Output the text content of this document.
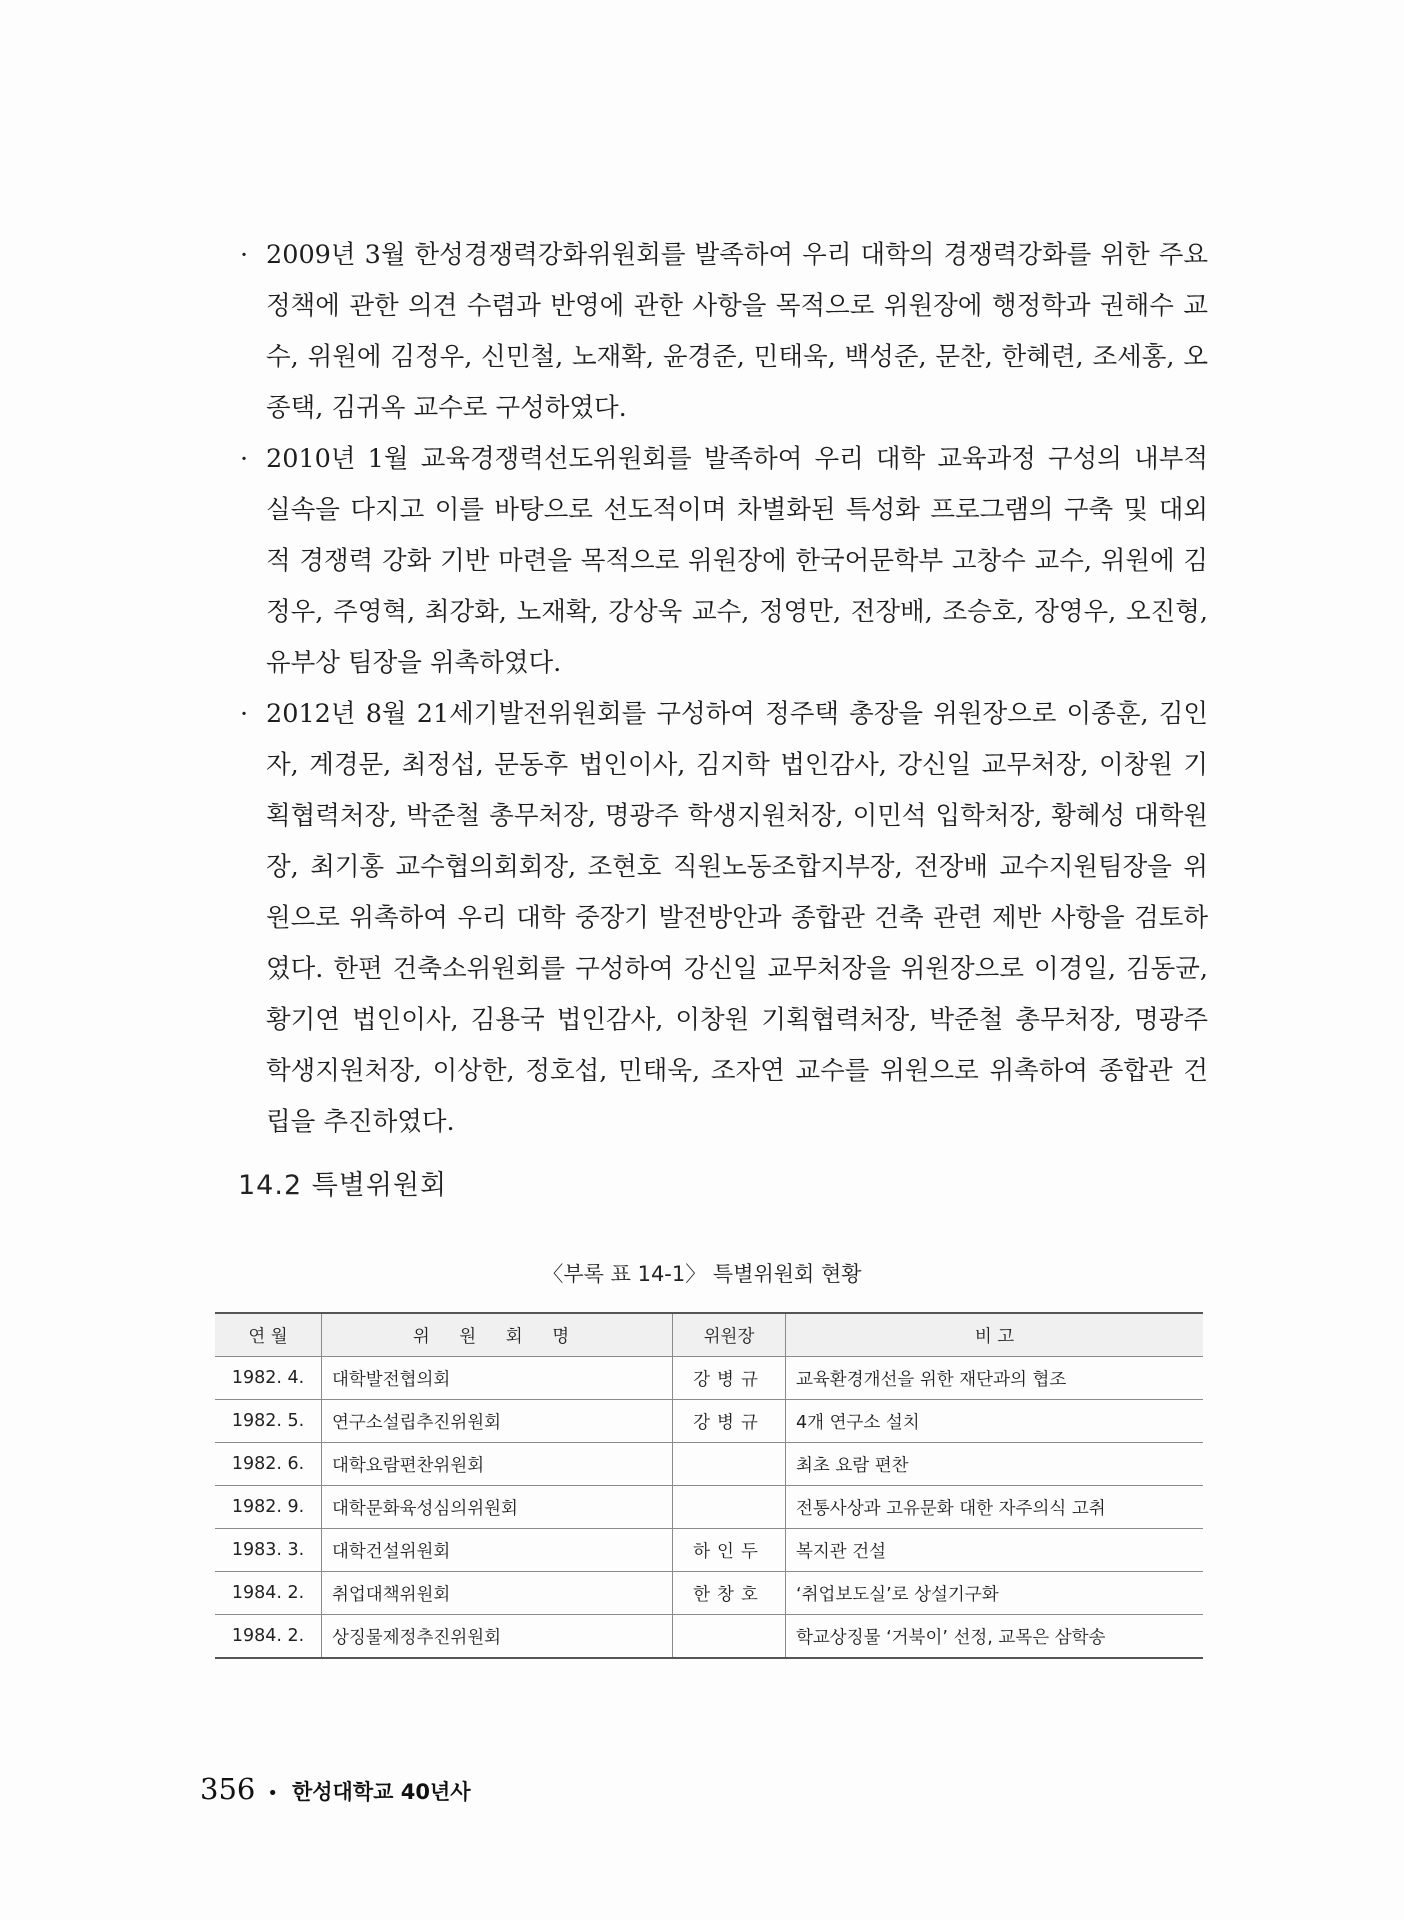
· 2009년 3월 한성경쟁력강화위원회를 발족하여 우리 대학의 경쟁력강화를 위한 주요 정책에 관한 의견 수렴과 반영에 관한 사항을 목적으로 위원장에 행정학과 권해수 교수, 위원에 김정우, 신민철, 노재확, 윤경준, 민태욱, 백성준, 문찬, 한혜련, 조세홍, 오종택, 김귀옥 교수로 구성하였다.

· 2010년 1월 교육경쟁력선도위원회를 발족하여 우리 대학 교육과정 구성의 내부적 실속을 다지고 이를 바탕으로 선도적이며 차별화된 특성화 프로그램의 구축 및 대외적 경쟁력 강화 기반 마련을 목적으로 위원장에 한국어문학부 고창수 교수, 위원에 김정우, 주영혁, 최강화, 노재확, 강상욱 교수, 정영만, 전장배, 조승호, 장영우, 오진형, 유부상 팀장을 위촉하였다.

· 2012년 8월 21세기발전위원회를 구성하여 정주택 총장을 위원장으로 이종훈, 김인자, 계경문, 최정섭, 문동후 법인이사, 김지학 법인감사, 강신일 교무처장, 이창원 기획협력처장, 박준철 총무처장, 명광주 학생지원처장, 이민석 입학처장, 황혜성 대학원장, 최기홍 교수협의회회장, 조현호 직원노동조합지부장, 전장배 교수지원팀장을 위원으로 위촉하여 우리 대학 중장기 발전방안과 종합관 건축 관련 제반 사항을 검토하였다. 한편 건축소위원회를 구성하여 강신일 교무처장을 위원장으로 이경일, 김동균, 황기연 법인이사, 김용국 법인감사, 이창원 기획협력처장, 박준철 총무처장, 명광주 학생지원처장, 이상한, 정호섭, 민태욱, 조자연 교수를 위원으로 위촉하여 종합관 건립을 추진하였다.

14.2 특별위원회
〈부록 표 14-1〉 특별위원회 현황
연 월	위 원 회 명	위원장	비 고
1982. 4.	대학발전협의회	강병규	교육환경개선을 위한 재단과의 협조
1982. 5.	연구소설립추진위원회	강병규	4개 연구소 설치
1982. 6.	대학요람편찬위원회		최초 요람 편찬
1982. 9.	대학문화육성심의위원회		전통사상과 고유문화 대한 자주의식 고취
1983. 3.	대학건설위원회	하인두	복지관 건설
1984. 2.	취업대책위원회	한창호	‘취업보도실’로 상설기구화
1984. 2.	상징물제정추진위원회		학교상징물 ‘거북이’ 선정, 교목은 삼학송
356 • 한성대학교 40년사
